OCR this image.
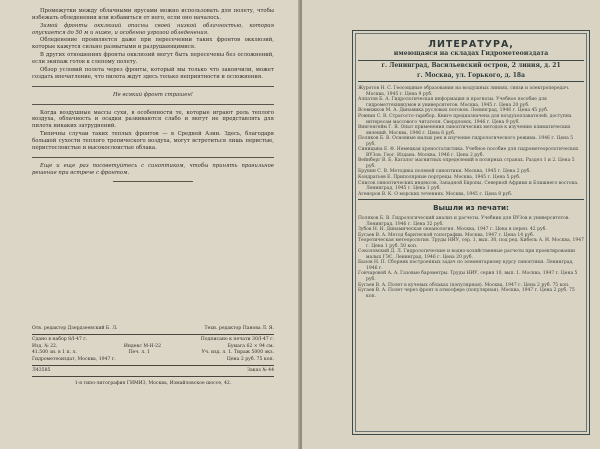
Промежутки между облачными ярусами можно использовать для полету, чтобы избежать обледенения или избавиться от него, если оно началось.

Зимой фронты окклюзий опасны своей низкой облачностью, которая опускается до 50 м и ниже, и особенно угрозой обледенения.

Обледенение проявляется даже при пересечении таких фронтов окклюзий, которые кажутся сильно размытыми и разрушающимися.

В других отношениях фронты окклюзий могут быть пересечены без осложнений, если экипаж готов к слепому полету.

Обзор условий полета через фронты, который мы только что закончили, может создать впечатление, что пилота ждут здесь только неприятности и осложнения.

Не всякий фронт страшен!

Когда воздушные массы сухи, в особенности те, которые играют роль теплого воздуха, облачность и осадки развиваются слабо и могут не представлять для пилота никаких затруднений.

Типичны случаи таких теплых фронтов — в Средней Азии. Здесь, благодаря большой сухости теплого тропического воздуха, могут встретиться лишь перистые, перистослоистые и высокослоистые облака.

Еще и еще раз посоветуйтесь с синоптиком, чтобы принять правильное решение при встрече с фронтом.

Отв. редактор Дзердзеевский Б. Л.	Техн. редактор Панова Л. Я.
Сдано в набор 8/I-47 г.	Подписано к печати 30/I-47 г.
Изд. № 22.	Индекс М-Н-22	Бумага 62 × 94 см.
41.500 зн. в 1 п. л.	Печ. л. 1	Уч. изд. л. 1. Тираж 5000 экз.
Гидрометеоиздат, Москва, 1947 г.	Цена 2 руб. 75 коп.
Л43585	Заказ № 44
1-я типо-литография ГИМИЗ, Москва, Измайловское шоссе, 42.
ЛИТЕРАТУРА,
имеющаяся на складах Гидрометеоиздата
г. Ленинград, Васильевский остров, 2 линия, д. 21
г. Москва, ул. Горького, д. 18а

Журотов Н. С. Геосоидные образования на воздушных линиях, связи и электропередач. Москва, 1945 г. Цена 9 руб.

Алпатов Б. А. Гидрологическая информация и прогнозы. Учебное пособие для гидрометтехникумов и университетов. Москва, 1945 г. Цена 20 руб.

Всевижков М. А. Динамика русловых потоков. Ленинград, 1946 г. Цена 45 руб.

Ровнин С. В. Стратосто-тарибор. Книге предназначена для воздухоплавателей, доступна интересам массового читателя. Свердловск, 1946 г. Цена 9 руб.

Вингенгейм Г. Я. Опыт применения синоптических методов к изучению климатических явлений. Москва, 1946 г. Цена 6 руб.

Поляков Б. В. Основные малых рек и изучение гидрологического режима. 1946 г. Цена 5 руб.

Синицына Е. Ф. Немецкая хроностатистика. Учебное пособие для гидрометеорологических ВУЗов. Геог. Издана. Москва, 1946 г. Цена 2 руб.

Вейнберг В. Б. Каталог магнитных определений в полярных странах. Раздел 1 и 2. Цена 5 руб.

Брунин С. В. Методика полевой синоптики. Москва, 1945 г. Цена 2 руб.

Кондратьев Е. Приполярные портрецы. Москва, 1945 г. Цена 5 руб.

Список синоптических индексов. Западной Европы, Северной Африки и Ближнего востока. Ленинград, 1945 г. Цена 1 руб.

Агеноров В. К. О морских течениях. Москва, 1945 г. Цена 8 руб.

Вышли из печати:

Поляков Б. В. Гидрологический анализ и расчеты. Учебник для ВУЗов и университетов. Ленинград, 1946 г. Цена 32 руб.

Зубов Н. Н. Динамическая океанология. Москва, 1947 г. Цена в переп. 42 руб.

Бугаев В. А. Метод баритеской топографии. Москва, 1947 г. Цена 14 руб.

Теоретическая метеорология. Труды НИУ, сер. 1, вып. 30, под ред. Кибель А. И. Москва, 1947 г. Цена 1 руб. 50 коп.

Соколовский Д. Л. Гидрологические и водно-хозяйственные расчеты при проектировании малых ГЭС. Ленинград, 1946 г. Цена 20 руб.

Бызов Н. П. Сборник построенных задач по элементарному курсу синоптики. Ленинград, 1946 г.

Гончаровой А. А. Газовые барометры. Труды НИУ, серия 10, вып. 1. Москва, 1947 г. Цена 5 руб.

Бугаев В. А. Полет в кучевых облаках (популярная). Москва, 1947 г. Цена 2 руб. 75 коп.

Бугаев В. А. Полет через фронт в атмосфере (популярная). Москва, 1947 г. Цена 2 руб. 75 коп.
